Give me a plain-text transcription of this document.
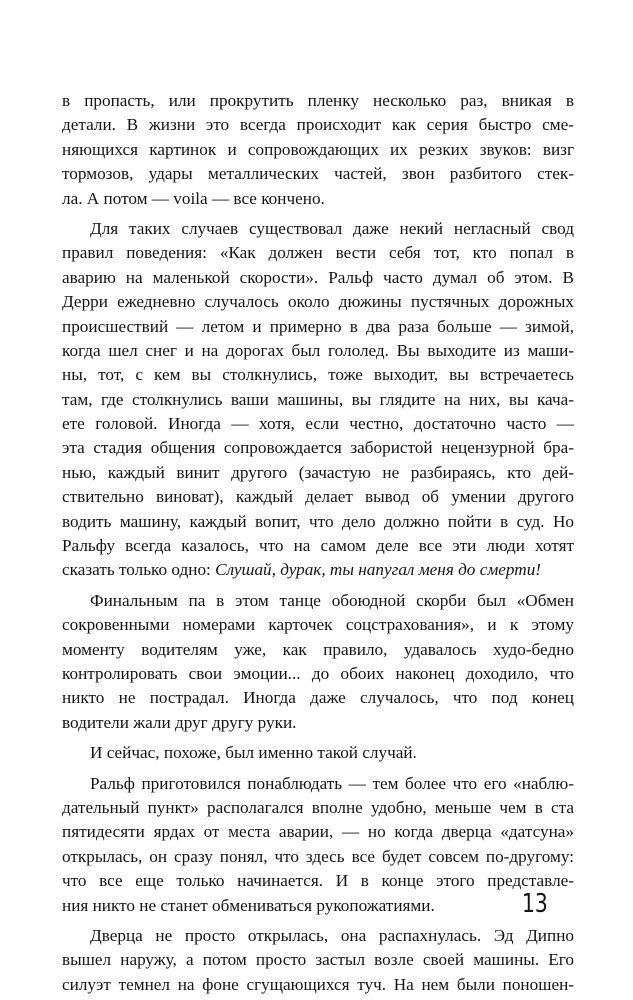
в пропасть, или прокрутить пленку несколько раз, вникая в
детали. В жизни это всегда происходит как серия быстро сме-
няющихся картинок и сопровождающих их резких звуков: визг
тормозов, удары металлических частей, звон разбитого стек-
ла. А потом — voila — все кончено.
Для таких случаев существовал даже некий негласный свод
правил поведения: «Как должен вести себя тот, кто попал в
аварию на маленькой скорости». Ральф часто думал об этом. В
Дерри ежедневно случалось около дюжины пустячных дорожных
происшествий — летом и примерно в два раза больше — зимой,
когда шел снег и на дорогах был гололед. Вы выходите из маши-
ны, тот, с кем вы столкнулись, тоже выходит, вы встречаетесь
там, где столкнулись ваши машины, вы глядите на них, вы кача-
ете головой. Иногда — хотя, если честно, достаточно часто —
эта стадия общения сопровождается забористой нецензурной бра-
нью, каждый винит другого (зачастую не разбираясь, кто дей-
ствительно виноват), каждый делает вывод об умении другого
водить машину, каждый вопит, что дело должно пойти в суд. Но
Ральфу всегда казалось, что на самом деле все эти люди хотят
сказать только одно: Слушай, дурак, ты напугал меня до смерти!
Финальным па в этом танце обоюдной скорби был «Обмен
сокровенными номерами карточек соцстрахования», и к этому
моменту водителям уже, как правило, удавалось худо-бедно
контролировать свои эмоции... до обоих наконец доходило, что
никто не пострадал. Иногда даже случалось, что под конец
водители жали друг другу руки.
И сейчас, похоже, был именно такой случай.
Ральф приготовился понаблюдать — тем более что его «наблю-
дательный пункт» располагался вполне удобно, меньше чем в ста
пятидесяти ярдах от места аварии, — но когда дверца «датсуна»
открылась, он сразу понял, что здесь все будет совсем по-другому:
что все еще только начинается. И в конце этого представле-
ния никто не станет обмениваться рукопожатиями.
Дверца не просто открылась, она распахнулась. Эд Дипно
вышел наружу, а потом просто застыл возле своей машины. Его
силуэт темнел на фоне сгущающихся туч. На нем были поношен-
13
